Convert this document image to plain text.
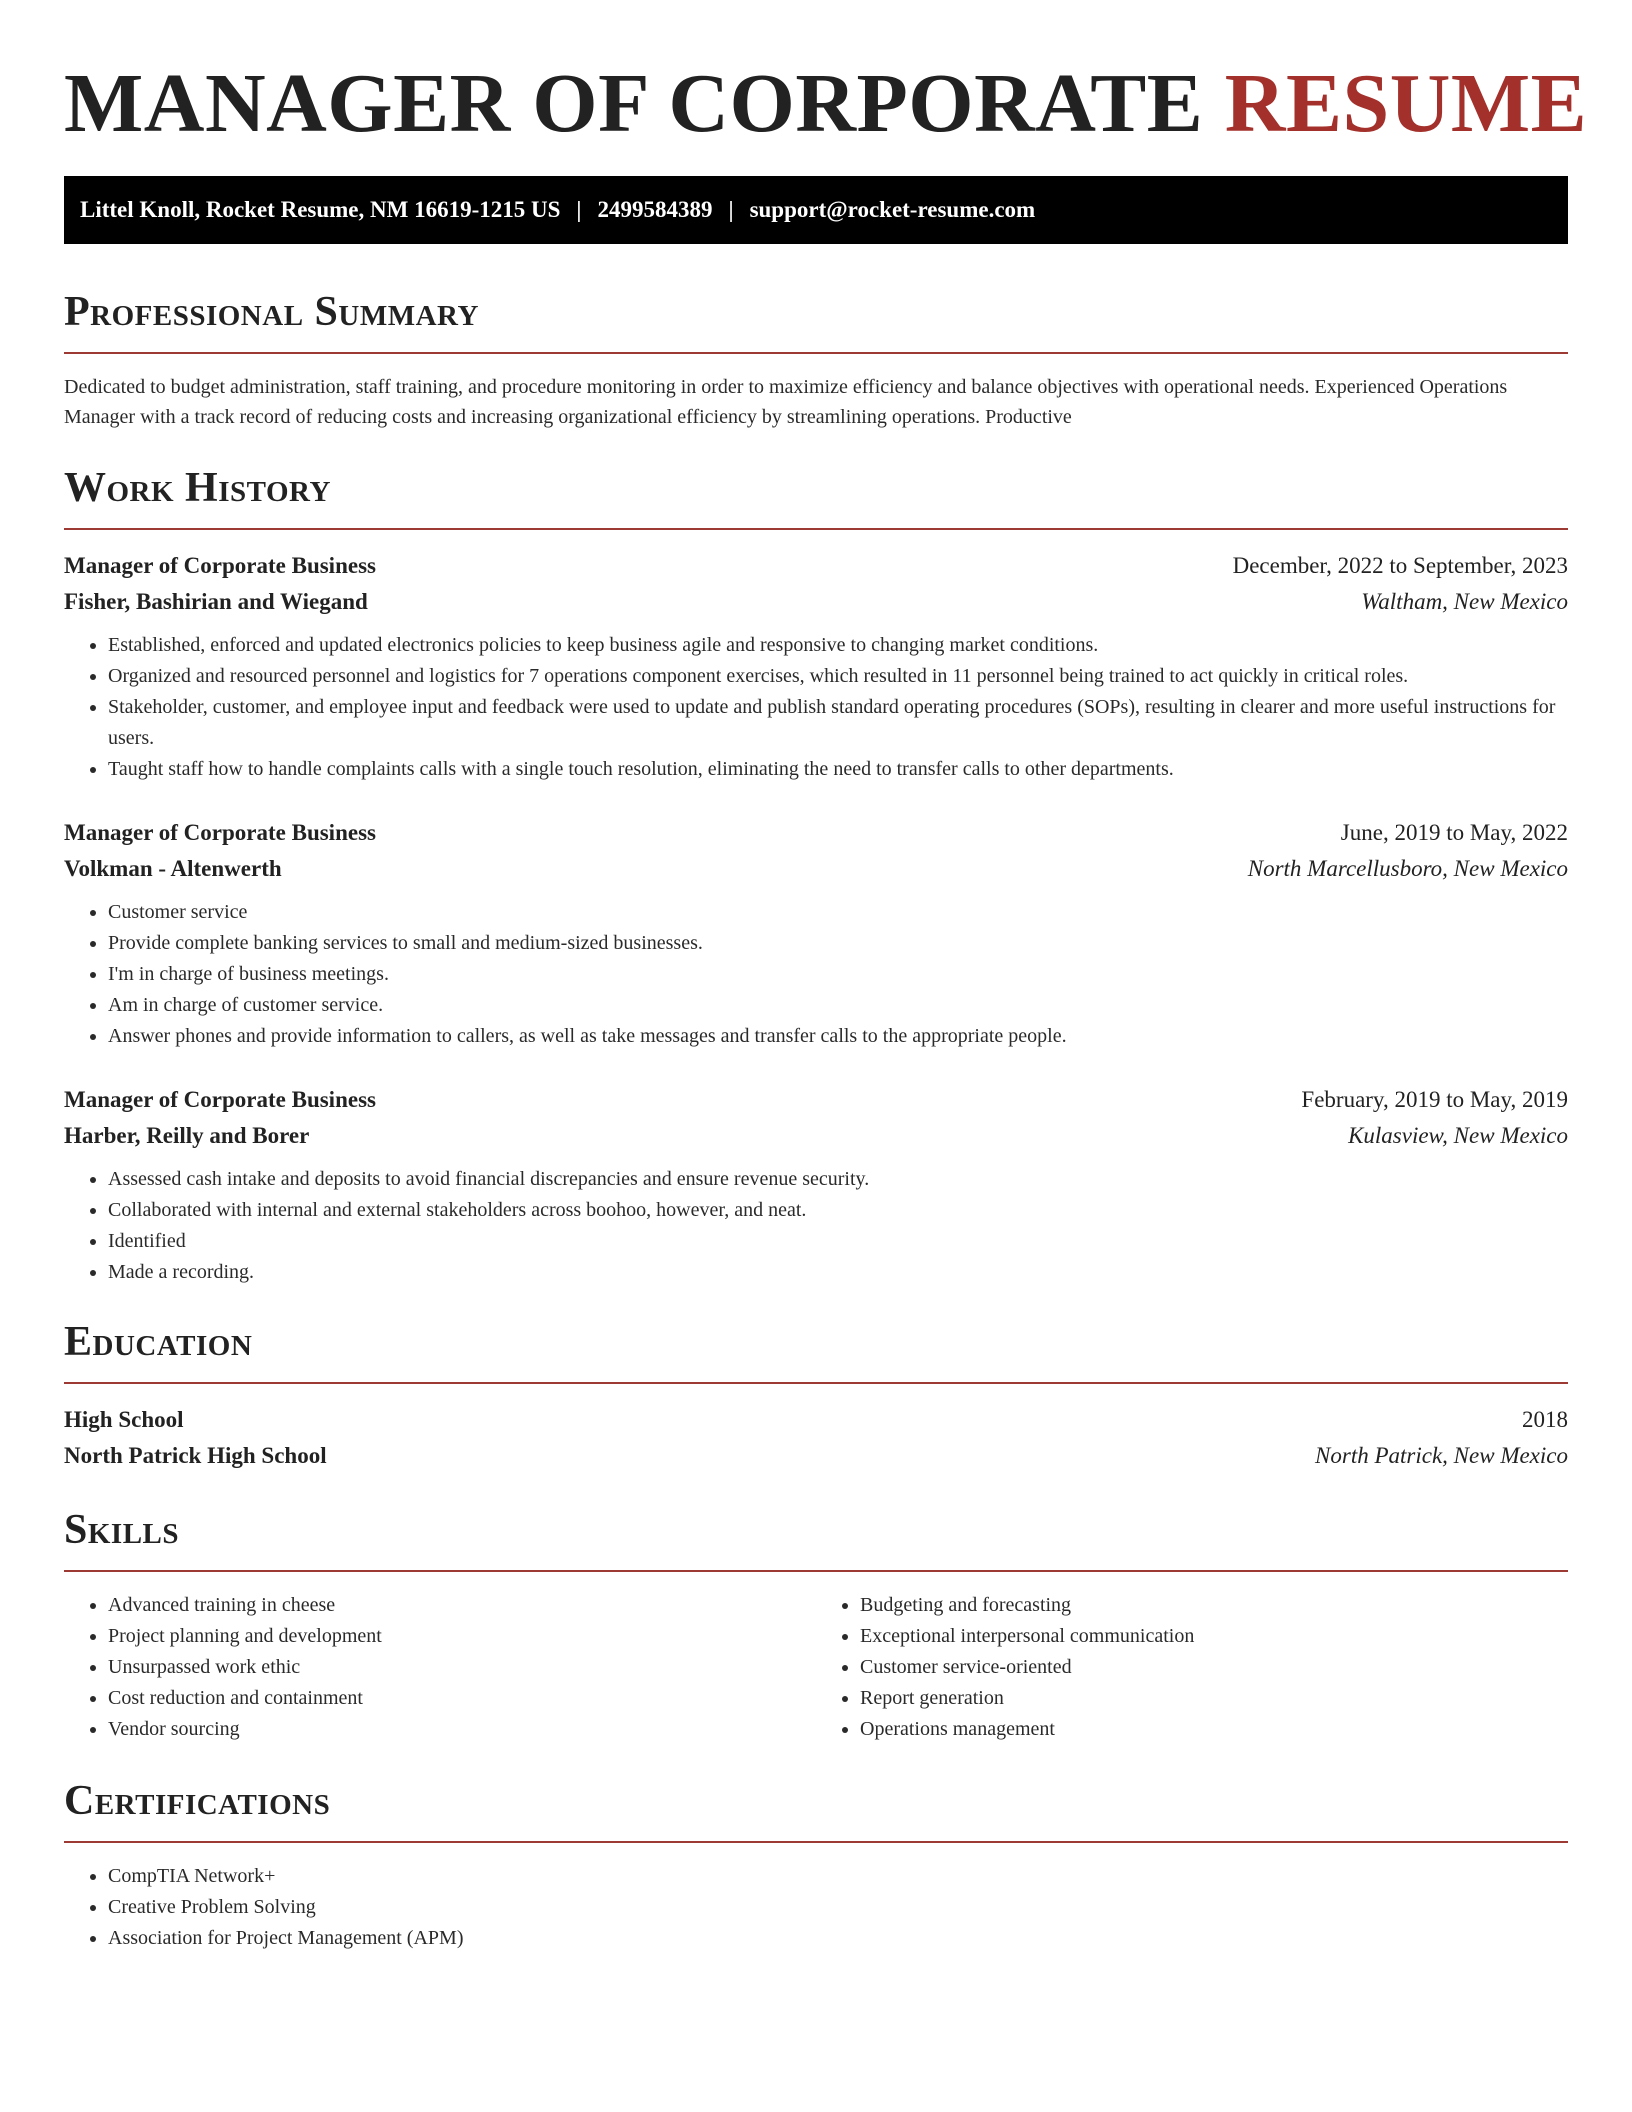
MANAGER OF CORPORATE RESUME
Littel Knoll, Rocket Resume, NM 16619-1215 US | 2499584389 | support@rocket-resume.com
Professional Summary

Dedicated to budget administration, staff training, and procedure monitoring in order to maximize efficiency and balance objectives with operational needs. Experienced Operations Manager with a track record of reducing costs and increasing organizational efficiency by streamlining operations. Productive

Work History
Manager of Corporate Business	December, 2022 to September, 2023
Fisher, Bashirian and Wiegand	Waltham, New Mexico
• Established, enforced and updated electronics policies to keep business agile and responsive to changing market conditions.
• Organized and resourced personnel and logistics for 7 operations component exercises, which resulted in 11 personnel being trained to act quickly in critical roles.
• Stakeholder, customer, and employee input and feedback were used to update and publish standard operating procedures (SOPs), resulting in clearer and more useful instructions for users.
• Taught staff how to handle complaints calls with a single touch resolution, eliminating the need to transfer calls to other departments.
Manager of Corporate Business	June, 2019 to May, 2022
Volkman - Altenwerth	North Marcellusboro, New Mexico
• Customer service
• Provide complete banking services to small and medium-sized businesses.
• I'm in charge of business meetings.
• Am in charge of customer service.
• Answer phones and provide information to callers, as well as take messages and transfer calls to the appropriate people.
Manager of Corporate Business	February, 2019 to May, 2019
Harber, Reilly and Borer	Kulasview, New Mexico
• Assessed cash intake and deposits to avoid financial discrepancies and ensure revenue security.
• Collaborated with internal and external stakeholders across boohoo, however, and neat.
• Identified
• Made a recording.
Education
High School	2018
North Patrick High School	North Patrick, New Mexico
Skills
• Advanced training in cheese
• Project planning and development
• Unsurpassed work ethic
• Cost reduction and containment
• Vendor sourcing
• Budgeting and forecasting
• Exceptional interpersonal communication
• Customer service-oriented
• Report generation
• Operations management
Certifications
• CompTIA Network+
• Creative Problem Solving
• Association for Project Management (APM)
